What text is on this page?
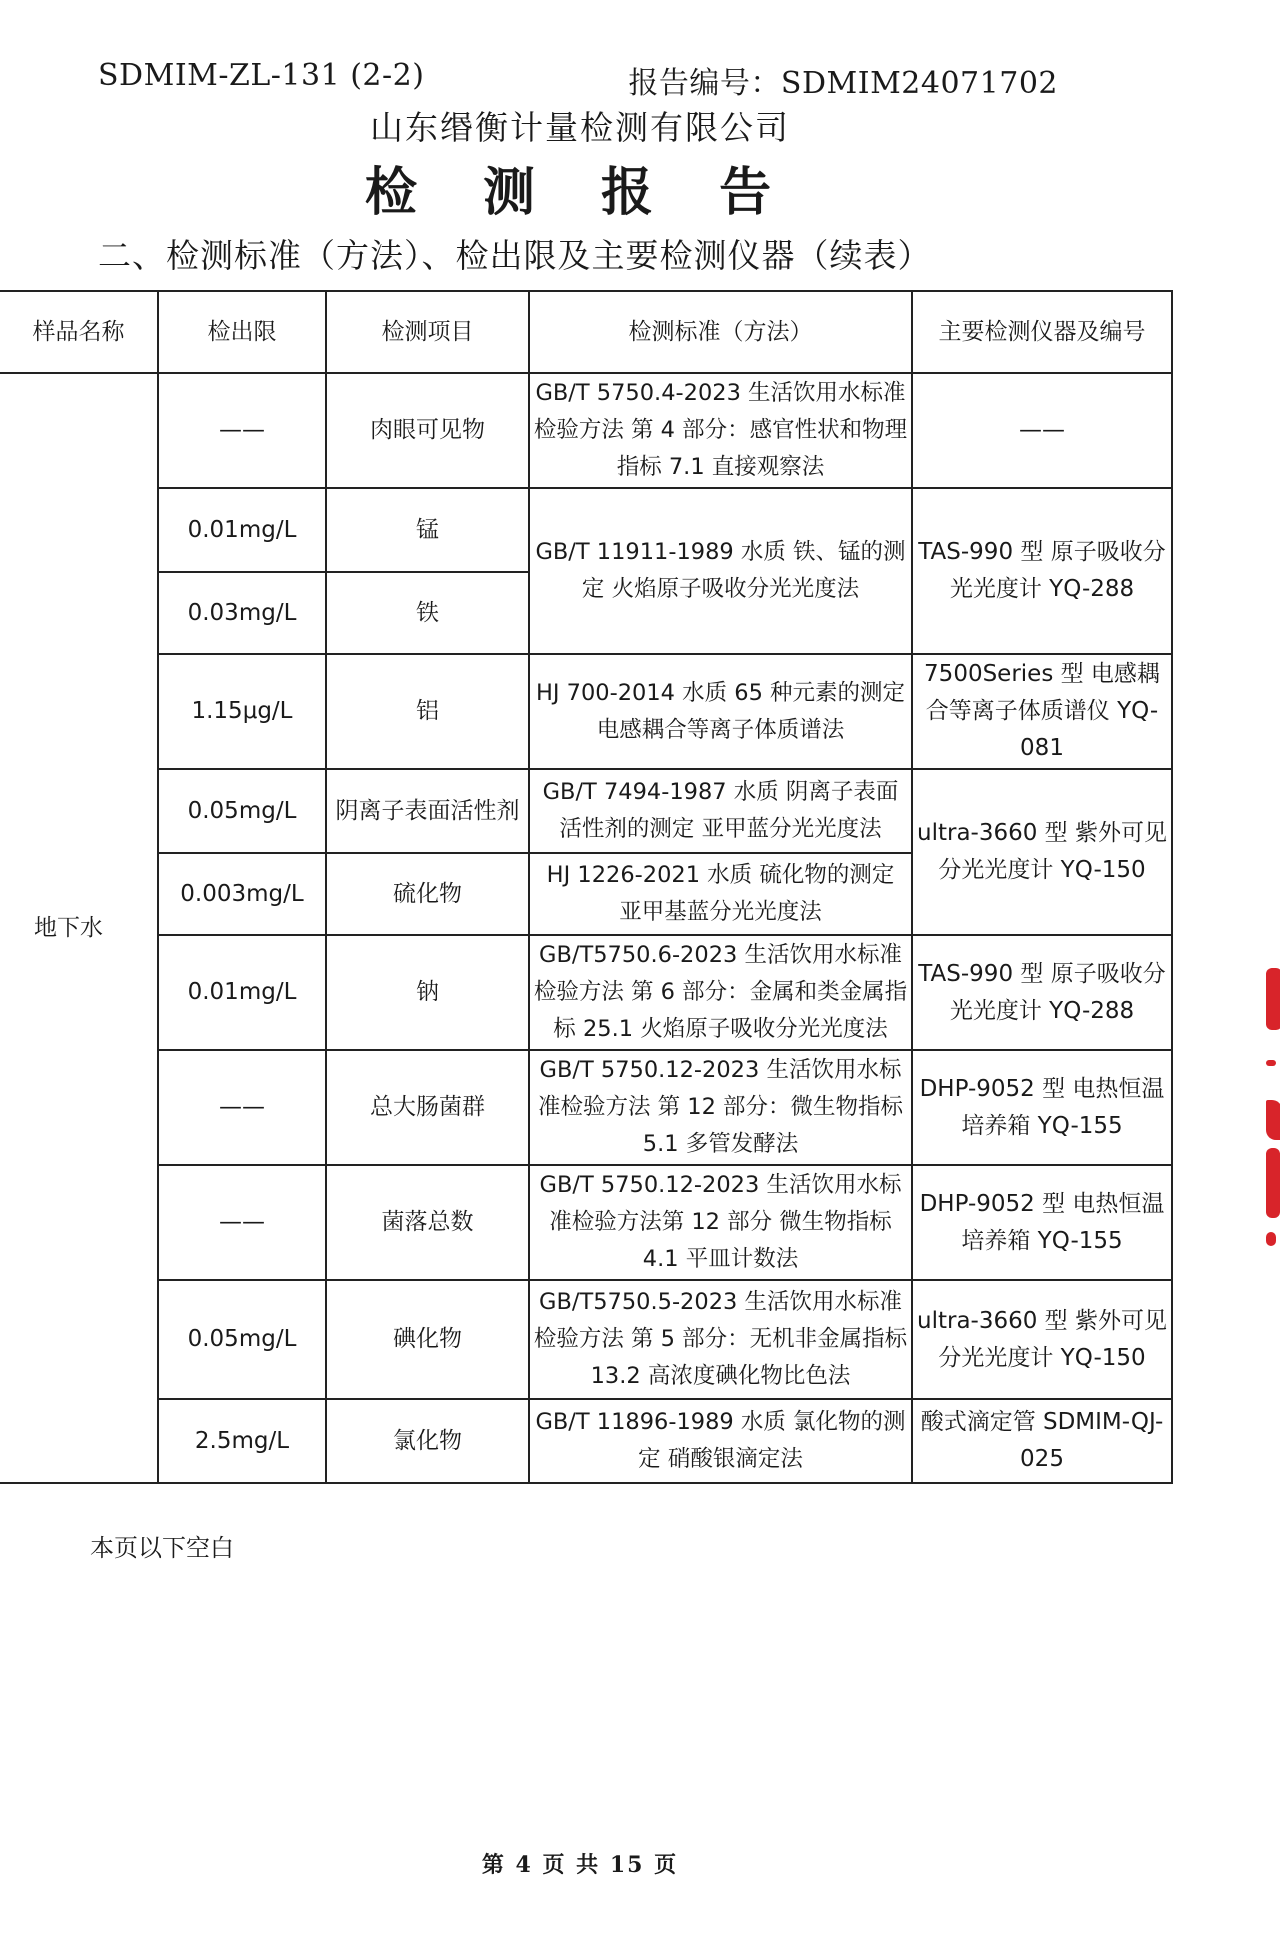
SDMIM-ZL-131 (2-2)	报告编号：SDMIM24071702
山东缗衡计量检测有限公司
检 测 报 告
二、检测标准（方法）、检出限及主要检测仪器（续表）
样品名称	检出限	检测项目	检测标准（方法）	主要检测仪器及编号
地下水	——	肉眼可见物	GB/T 5750.4-2023 生活饮用水标准检验方法 第 4 部分：感官性状和物理指标 7.1 直接观察法	——
	0.01mg/L	锰	GB/T 11911-1989 水质 铁、锰的测定 火焰原子吸收分光光度法	TAS-990 型 原子吸收分光光度计 YQ-288
	0.03mg/L	铁		
	1.15μg/L	铝	HJ 700-2014 水质 65 种元素的测定 电感耦合等离子体质谱法	7500Series 型 电感耦合等离子体质谱仪 YQ-081
	0.05mg/L	阴离子表面活性剂	GB/T 7494-1987 水质 阴离子表面活性剂的测定 亚甲蓝分光光度法	ultra-3660 型 紫外可见分光光度计 YQ-150
	0.003mg/L	硫化物	HJ 1226-2021 水质 硫化物的测定 亚甲基蓝分光光度法	
	0.01mg/L	钠	GB/T5750.6-2023 生活饮用水标准检验方法 第 6 部分：金属和类金属指标 25.1 火焰原子吸收分光光度法	TAS-990 型 原子吸收分光光度计 YQ-288
	——	总大肠菌群	GB/T 5750.12-2023 生活饮用水标准检验方法 第 12 部分：微生物指标 5.1 多管发酵法	DHP-9052 型 电热恒温培养箱 YQ-155
	——	菌落总数	GB/T 5750.12-2023 生活饮用水标准检验方法第 12 部分 微生物指标 4.1 平皿计数法	DHP-9052 型 电热恒温培养箱 YQ-155
	0.05mg/L	碘化物	GB/T5750.5-2023 生活饮用水标准检验方法 第 5 部分：无机非金属指标 13.2 高浓度碘化物比色法	ultra-3660 型 紫外可见分光光度计 YQ-150
	2.5mg/L	氯化物	GB/T 11896-1989 水质 氯化物的测定 硝酸银滴定法	酸式滴定管 SDMIM-QJ-025
本页以下空白
第 4 页 共 15 页
